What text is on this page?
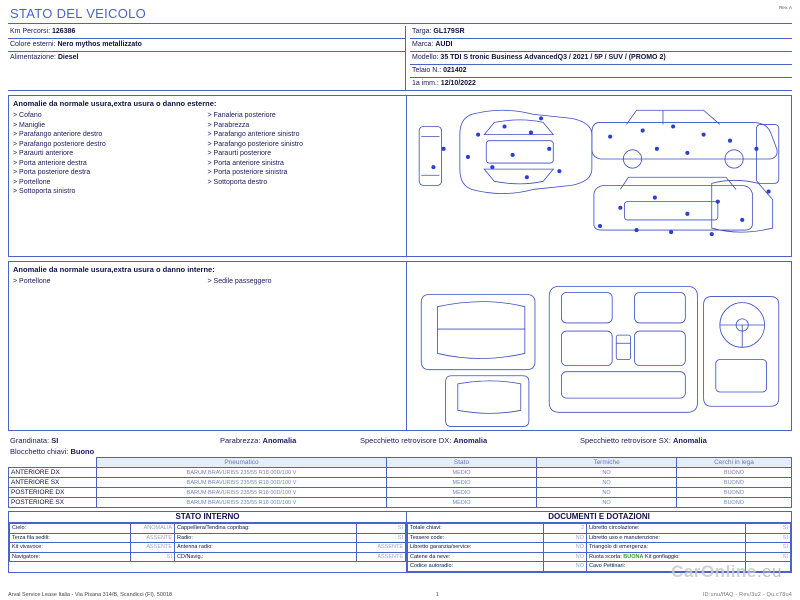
Rev. A
STATO DEL VEICOLO
Km Percorsi: 126386
Colore esterni: Nero mythos metallizzato
Alimentazione: Diesel
Targa: GL179SR
Marca: AUDI
Modello: 35 TDI S tronic Business AdvancedQ3 / 2021 / 5P / SUV / (PROMO 2)
Telaio N.: 021402
1a imm.: 12/10/2022
Anomalie da normale usura,extra usura o danno esterne:
> Cofano
> Maniglie
> Parafango anteriore destro
> Parafango posteriore destro
> Paraurti anteriore
> Porta anteriore destra
> Porta posteriore destra
> Portellone
> Sottoporta sinistro
> Fanaleria posteriore
> Parabrezza
> Parafango anteriore sinistro
> Parafango posteriore sinistro
> Paraurti posteriore
> Porta anteriore sinistra
> Porta posteriore sinistra
> Sottoporta destro
Anomalie da normale usura,extra usura o danno interne:
> Portellone	> Sedile passeggero
Grandinata: SI	Parabrezza: Anomalia	Specchietto retrovisore DX: Anomalia	Specchietto retrovisore SX: Anomalia
Blocchetto chiavi: Buono
	Pneumatico	Stato	Termiche	Cerchi in lega
ANTERIORE DX	BARUM BRAVURI5S 235/55 R18 00D/100 V	MEDIO	NO	BUONO
ANTERIORE SX	BARUM BRAVURI5S 235/55 R18 00D/100 V	MEDIO	NO	BUONO
POSTERIORE DX	BARUM BRAVURI5S 235/55 R18 00D/100 V	MEDIO	NO	BUONO
POSTERIORE SX	BARUM BRAVURI5S 235/55 R18 00D/100 V	MEDIO	NO	BUONO
STATO INTERNO
Cielo:	ANOMALIA	Cappelliera/Tendina copribag:	SI
Terza fila sedili:	ASSENTE	Radio:	SI
Kit vivavoce:	ASSENTE	Antenna radio:	ASSENTE
Navigatore:	SI	CD/Navig.:	ASSENTE
DOCUMENTI E DOTAZIONI
Totale chiavi:	2	Libretto circolazione:	SI
Tessere code:	NO	Libretto uso e manutenzione:	SI
Libretto garanzia/service:	NO	Triangolo di emergenza:	SI
Catene da neve:	NO	Ruota scorta: BUONA Kit gonfiaggio:	SI
Codice autoradio:	NO	Cavo Pettinari:		CarOnline.eu
Arval Service Lease Italia - Via Pisana 314/B, Scandicci (FI), 50018	1	ID:unu/ffAQ - Rev/3u2 - Qu.c78u4
